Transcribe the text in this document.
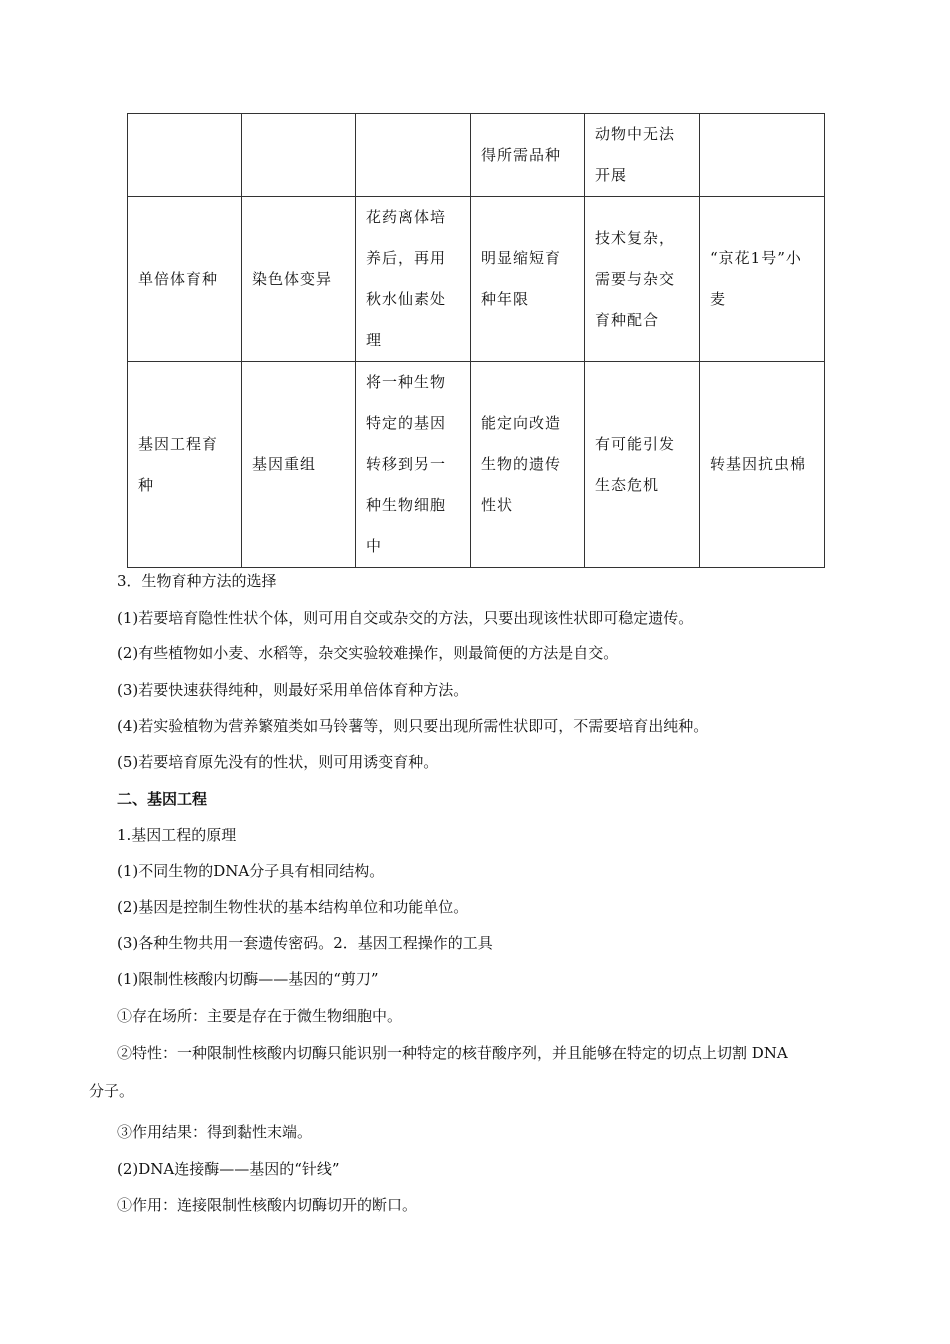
			得所需品种	动物中无法开展	
单倍体育种	染色体变异	花药离体培养后，再用秋水仙素处理	明显缩短育种年限	技术复杂，需要与杂交育种配合	“京花1号”小麦
基因工程育种	基因重组	将一种生物特定的基因转移到另一种生物细胞中	能定向改造生物的遗传性状	有可能引发生态危机	转基因抗虫棉
3．生物育种方法的选择
(1)若要培育隐性性状个体，则可用自交或杂交的方法，只要出现该性状即可稳定遗传。
(2)有些植物如小麦、水稻等，杂交实验较难操作，则最简便的方法是自交。
(3)若要快速获得纯种，则最好采用单倍体育种方法。
(4)若实验植物为营养繁殖类如马铃薯等，则只要出现所需性状即可，不需要培育出纯种。
(5)若要培育原先没有的性状，则可用诱变育种。
二、基因工程
1.基因工程的原理
(1)不同生物的DNA分子具有相同结构。
(2)基因是控制生物性状的基本结构单位和功能单位。
(3)各种生物共用一套遗传密码。2．基因工程操作的工具
(1)限制性核酸内切酶——基因的“剪刀”
①存在场所：主要是存在于微生物细胞中。
②特性：一种限制性核酸内切酶只能识别一种特定的核苷酸序列，并且能够在特定的切点上切割 DNA
分子。
③作用结果：得到黏性末端。
(2)DNA连接酶——基因的“针线”
①作用：连接限制性核酸内切酶切开的断口。
